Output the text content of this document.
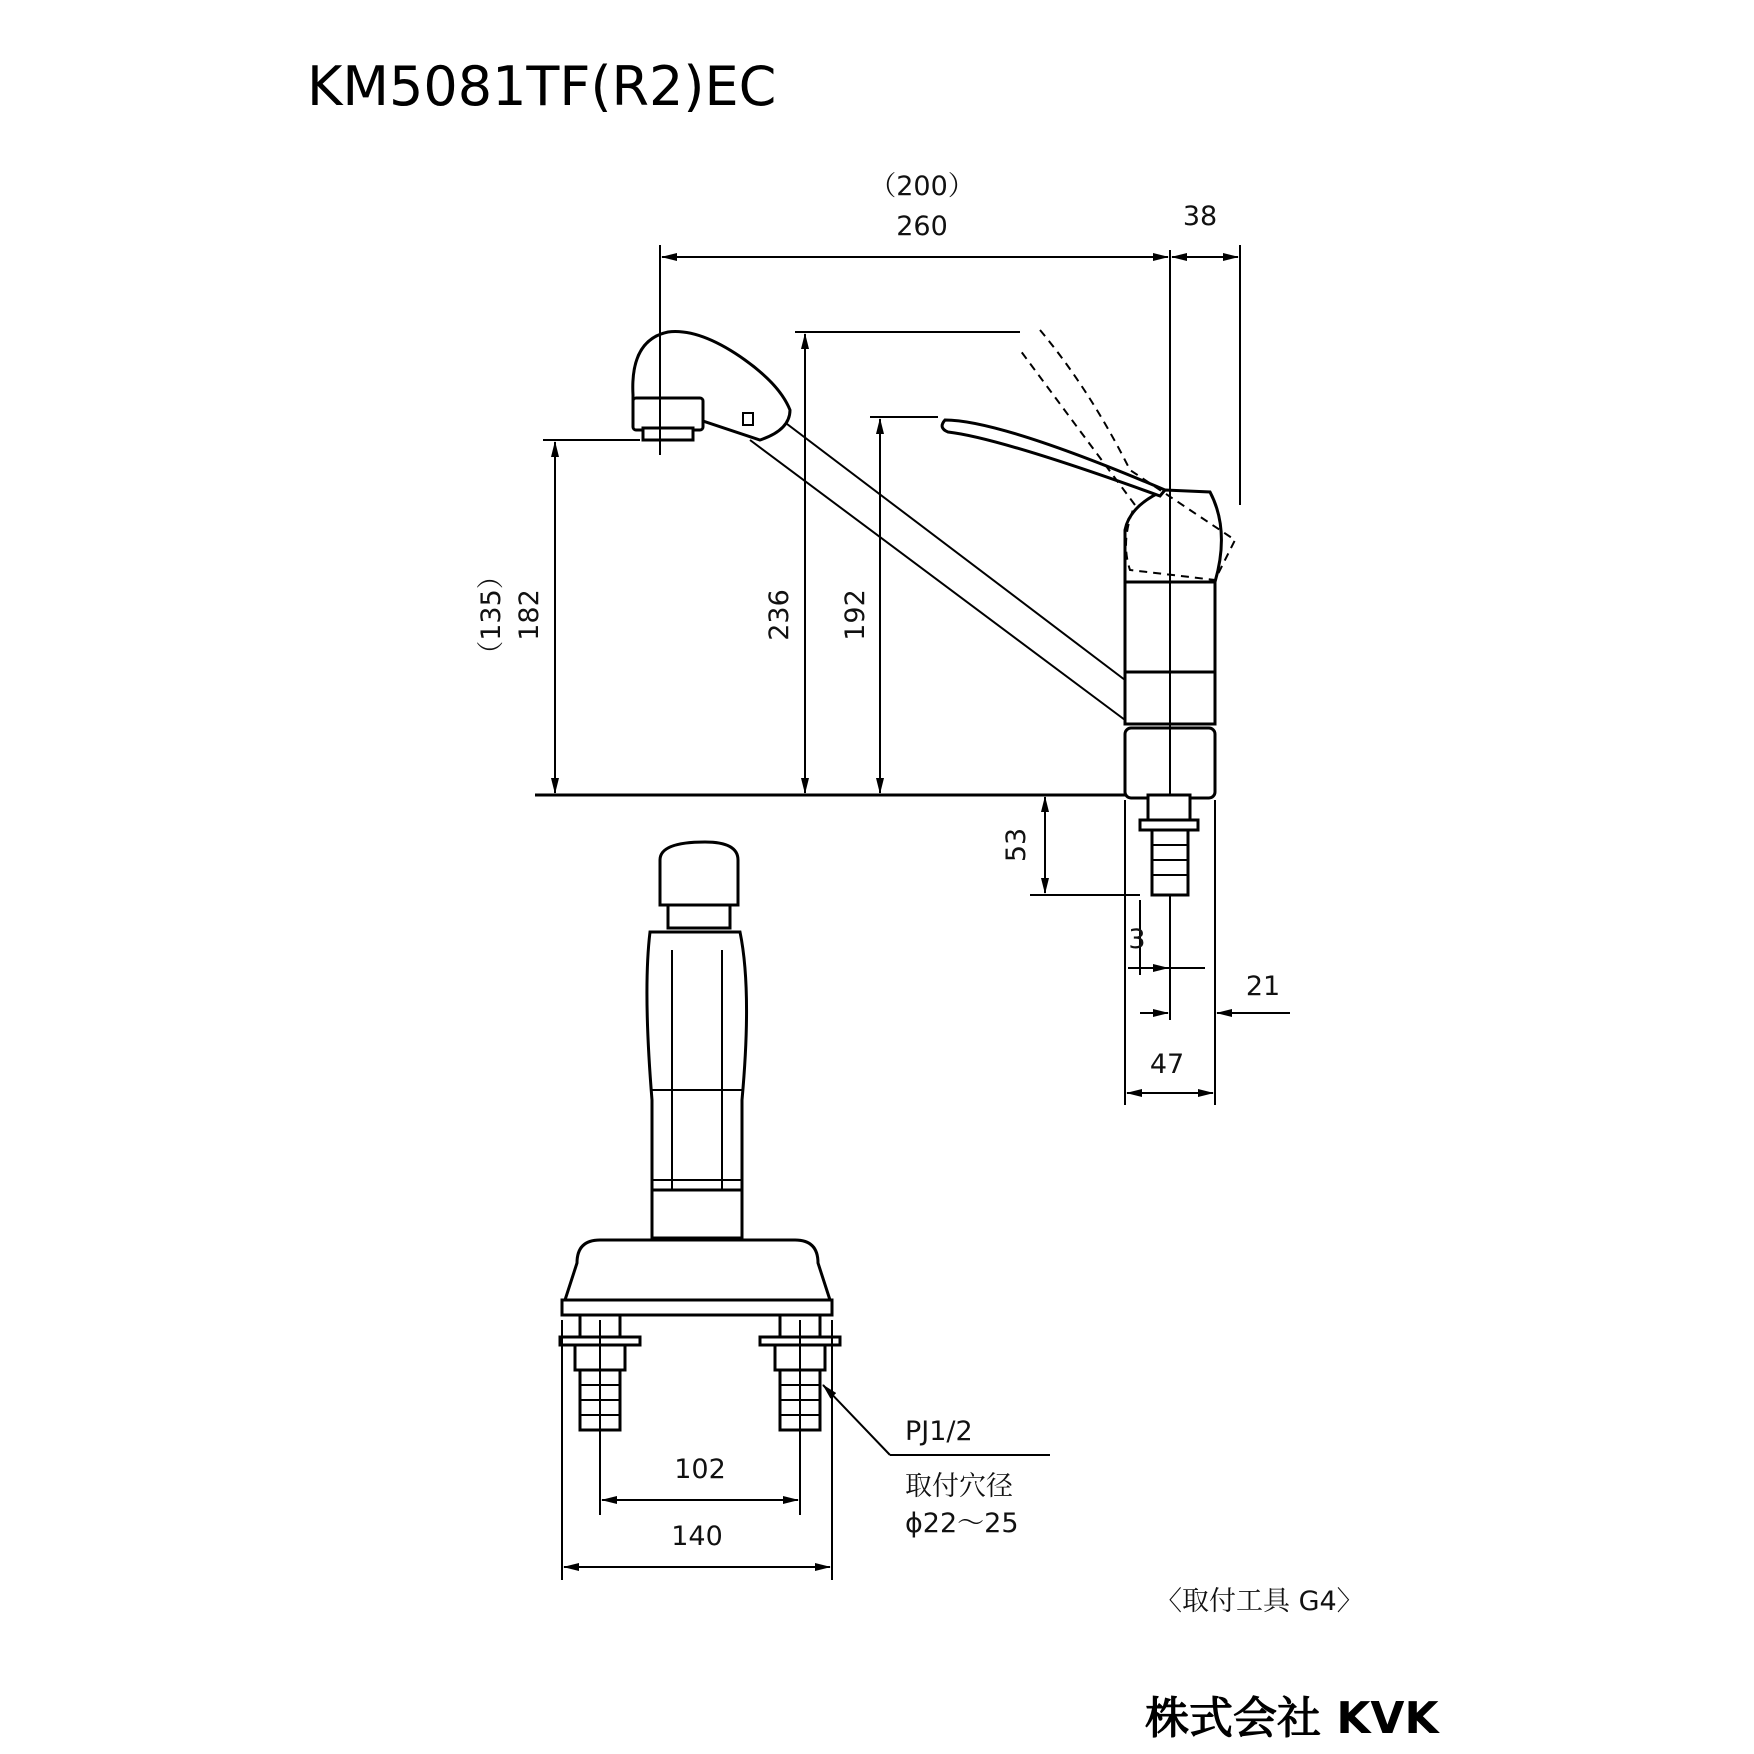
KM5081TF(R2)EC
（200）
260	38
（135） 182	236 192
53
3
21
47
102
140
PJ1/2
取付穴径
ϕ22～25
〈取付工具 G4〉
株式会社 KVK
